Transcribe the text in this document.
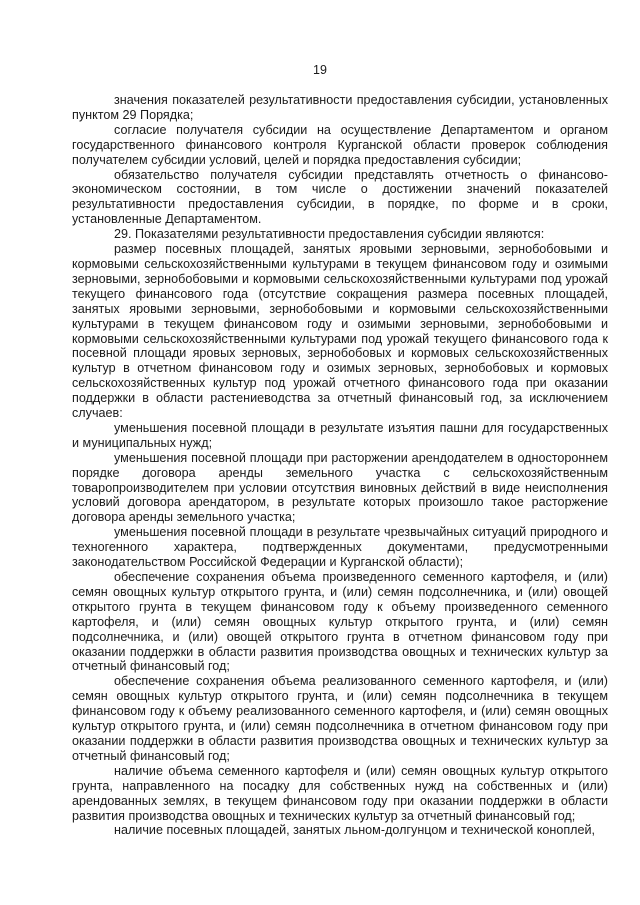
19

значения показателей результативности предоставления субсидии, установленных пунктом 29 Порядка;

согласие получателя субсидии на осуществление Департаментом и органом государственного финансового контроля Курганской области проверок соблюдения получателем субсидии условий, целей и порядка предоставления субсидии;

обязательство получателя субсидии представлять отчетность о финансово-экономическом состоянии, в том числе о достижении значений показателей результативности предоставления субсидии, в порядке, по форме и в сроки, установленные Департаментом.

29. Показателями результативности предоставления субсидии являются:

размер посевных площадей, занятых яровыми зерновыми, зернобобовыми и кормовыми сельскохозяйственными культурами в текущем финансовом году и озимыми зерновыми, зернобобовыми и кормовыми сельскохозяйственными культурами под урожай текущего финансового года (отсутствие сокращения размера посевных площадей, занятых яровыми зерновыми, зернобобовыми и кормовыми сельскохозяйственными культурами в текущем финансовом году и озимыми зерновыми, зернобобовыми и кормовыми сельскохозяйственными культурами под урожай текущего финансового года к посевной площади яровых зерновых, зернобобовых и кормовых сельскохозяйственных культур в отчетном финансовом году и озимых зерновых, зернобобовых и кормовых сельскохозяйственных культур под урожай отчетного финансового года при оказании поддержки в области растениеводства за отчетный финансовый год, за исключением случаев:

уменьшения посевной площади в результате изъятия пашни для государственных и муниципальных нужд;

уменьшения посевной площади при расторжении арендодателем в одностороннем порядке договора аренды земельного участка с сельскохозяйственным товаропроизводителем при условии отсутствия виновных действий в виде неисполнения условий договора арендатором, в результате которых произошло такое расторжение договора аренды земельного участка;

уменьшения посевной площади в результате чрезвычайных ситуаций природного и техногенного характера, подтвержденных документами, предусмотренными законодательством Российской Федерации и Курганской области);

обеспечение сохранения объема произведенного семенного картофеля, и (или) семян овощных культур открытого грунта, и (или) семян подсолнечника, и (или) овощей открытого грунта в текущем финансовом году к объему произведенного семенного картофеля, и (или) семян овощных культур открытого грунта, и (или) семян подсолнечника, и (или) овощей открытого грунта в отчетном финансовом году при оказании поддержки в области развития производства овощных и технических культур за отчетный финансовый год;

обеспечение сохранения объема реализованного семенного картофеля, и (или) семян овощных культур открытого грунта, и (или) семян подсолнечника в текущем финансовом году к объему реализованного семенного картофеля, и (или) семян овощных культур открытого грунта, и (или) семян подсолнечника в отчетном финансовом году при оказании поддержки в области развития производства овощных и технических культур за отчетный финансовый год;

наличие объема семенного картофеля и (или) семян овощных культур открытого грунта, направленного на посадку для собственных нужд на собственных и (или) арендованных землях, в текущем финансовом году при оказании поддержки в области развития производства овощных и технических культур за отчетный финансовый год;

наличие посевных площадей, занятых льном-долгунцом и технической коноплей,
